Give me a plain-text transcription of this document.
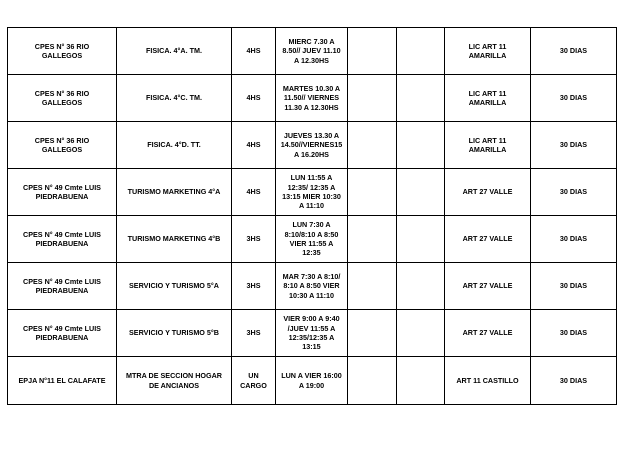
CPES N° 36 RIO
GALLEGOS	FISICA. 4°A. TM.	4HS	MIERC 7.30 A
8.50// JUEV 11.10
A 12.30HS			LIC ART 11
AMARILLA	30 DIAS

CPES N° 36 RIO
GALLEGOS	FISICA. 4°C. TM.	4HS	MARTES 10.30 A
11.50// VIERNES
11.30 A 12.30HS			LIC ART 11
AMARILLA	30 DIAS

CPES N° 36 RIO
GALLEGOS	FISICA. 4°D. TT.	4HS	JUEVES 13.30 A
14.50//VIERNES15
A 16.20HS			LIC ART 11
AMARILLA	30 DIAS

CPES N° 49 Cmte LUIS
PIEDRABUENA	TURISMO MARKETING 4°A	4HS	LUN 11:55 A
12:35/ 12:35 A
13:15 MIER 10:30
A 11:10			ART 27 VALLE	30 DIAS

CPES N° 49 Cmte LUIS
PIEDRABUENA	TURISMO MARKETING 4°B	3HS	LUN 7:30 A
8:10/8:10 A 8:50
VIER 11:55 A
12:35			ART 27 VALLE	30 DIAS

CPES N° 49 Cmte LUIS
PIEDRABUENA	SERVICIO Y TURISMO 5°A	3HS	MAR 7:30 A 8:10/
8:10 A 8:50 VIER
10:30 A 11:10			ART 27 VALLE	30 DIAS

CPES N° 49 Cmte LUIS
PIEDRABUENA	SERVICIO Y TURISMO 5°B	3HS	VIER 9:00 A 9:40
/JUEV 11:55 A
12:35/12:35 A
13:15			ART 27 VALLE	30 DIAS

EPJA N°11 EL CALAFATE	MTRA DE SECCION HOGAR
DE ANCIANOS	UN CARGO	LUN A VIER 16:00
A 19:00			ART 11 CASTILLO	30 DIAS
